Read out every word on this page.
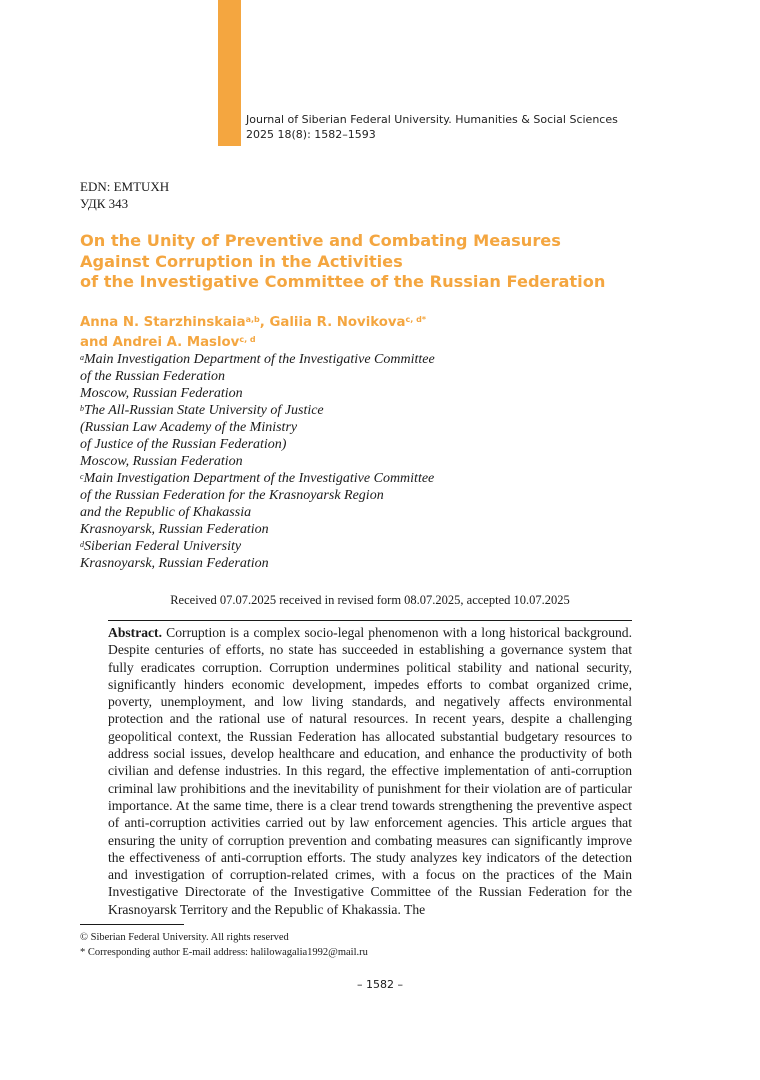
Journal of Siberian Federal University. Humanities & Social Sciences
2025 18(8): 1582–1593
EDN: EMTUXH
УДК 343
On the Unity of Preventive and Combating Measures
Against Corruption in the Activities
of the Investigative Committee of the Russian Federation
Anna N. Starzhinskaia$^{a,b}$, Galiia R. Novikova$^{c, d*}$
and Andrei A. Maslov$^{c, d}$
$^a$Main Investigation Department of the Investigative Committee
of the Russian Federation
Moscow, Russian Federation
$^b$The All-Russian State University of Justice
(Russian Law Academy of the Ministry
of Justice of the Russian Federation)
Moscow, Russian Federation
$^c$Main Investigation Department of the Investigative Committee
of the Russian Federation for the Krasnoyarsk Region
and the Republic of Khakassia
Krasnoyarsk, Russian Federation
$^d$Siberian Federal University
Krasnoyarsk, Russian Federation
Received 07.07.2025 received in revised form 08.07.2025, accepted 10.07.2025

Abstract. Corruption is a complex socio-legal phenomenon with a long historical background. Despite centuries of efforts, no state has succeeded in establishing a governance system that fully eradicates corruption. Corruption undermines political stability and national security, significantly hinders economic development, impedes efforts to combat organized crime, poverty, unemployment, and low living standards, and negatively affects environmental protection and the rational use of natural resources. In recent years, despite a challenging geopolitical context, the Russian Federation has allocated substantial budgetary resources to address social issues, develop healthcare and education, and enhance the productivity of both civilian and defense industries. In this regard, the effective implementation of anti-corruption criminal law prohibitions and the inevitability of punishment for their violation are of particular importance. At the same time, there is a clear trend towards strengthening the preventive aspect of anti-corruption activities carried out by law enforcement agencies. This article argues that ensuring the unity of corruption prevention and combating measures can significantly improve the effectiveness of anti-corruption efforts. The study analyzes key indicators of the detection and investigation of corruption-related crimes, with a focus on the practices of the Main Investigative Directorate of the Investigative Committee of the Russian Federation for the Krasnoyarsk Territory and the Republic of Khakassia. The

© Siberian Federal University. All rights reserved
* Corresponding author E-mail address: halilowagalia1992@mail.ru
– 1582 –
